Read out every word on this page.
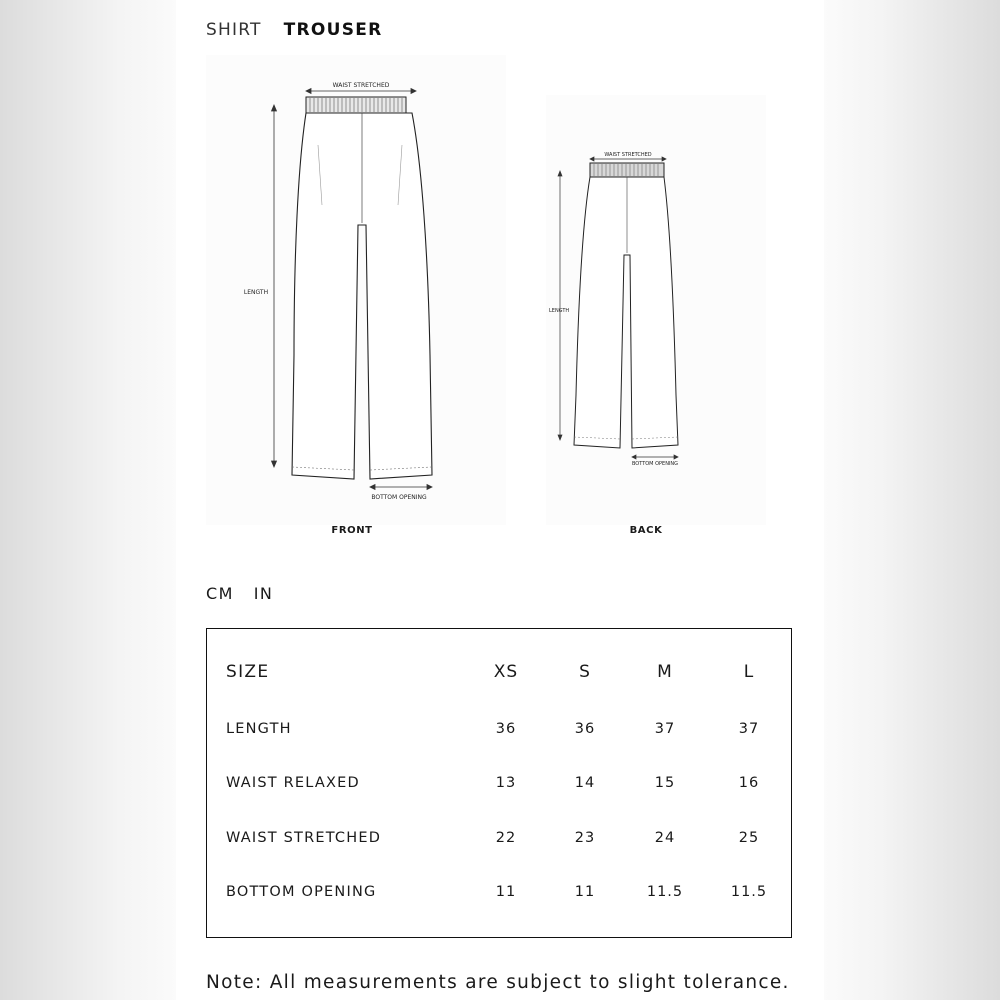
SHIRT TROUSER
WAIST STRETCHED
LENGTH
BOTTOM OPENING
FRONT
WAIST STRETCHED
LENGTH
BOTTOM OPENING
BACK
CM IN
SIZE	XS	S	M	L
LENGTH	36	36	37	37
WAIST RELAXED	13	14	15	16
WAIST STRETCHED	22	23	24	25
BOTTOM OPENING	11	11	11.5	11.5
Note: All measurements are subject to slight tolerance.
